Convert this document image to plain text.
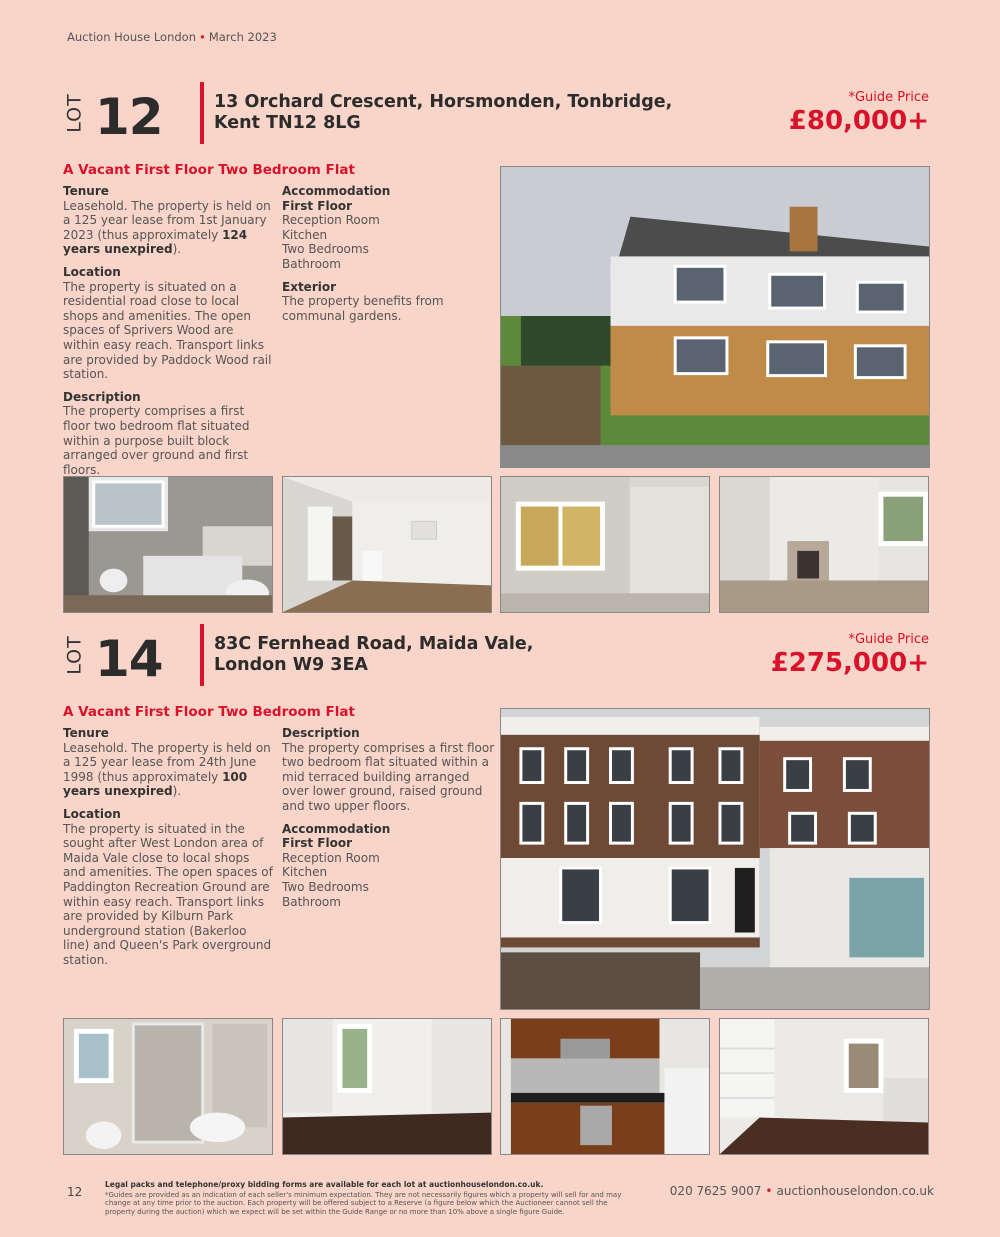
Auction House London • March 2023
LOT 12	13 Orchard Crescent, Horsmonden, Tonbridge,
Kent TN12 8LG
*Guide Price
£80,000+
A Vacant First Floor Two Bedroom Flat
Tenure

Leasehold. The property is held on a 125 year lease from 1st January 2023 (thus approximately 124 years unexpired).

Location

The property is situated on a residential road close to local shops and amenities. The open spaces of Sprivers Wood are within easy reach. Transport links are provided by Paddock Wood rail station.

Description

The property comprises a first floor two bedroom flat situated within a purpose built block arranged over ground and first floors.

Accommodation
First Floor
Reception Room
Kitchen
Two Bedrooms
Bathroom
Exterior

The property benefits from communal gardens.

LOT 14	83C Fernhead Road, Maida Vale,
London W9 3EA
*Guide Price
£275,000+
A Vacant First Floor Two Bedroom Flat
Tenure

Leasehold. The property is held on a 125 year lease from 24th June 1998 (thus approximately 100 years unexpired).

Location

The property is situated in the sought after West London area of Maida Vale close to local shops and amenities. The open spaces of Paddington Recreation Ground are within easy reach. Transport links are provided by Kilburn Park underground station (Bakerloo line) and Queen's Park overground station.

Description

The property comprises a first floor two bedroom flat situated within a mid terraced building arranged over lower ground, raised ground and two upper floors.

Accommodation
First Floor
Reception Room
Kitchen
Two Bedrooms
Bathroom
12
Legal packs and telephone/proxy bidding forms are available for each lot at auctionhouselondon.co.uk.
*Guides are provided as an indication of each seller's minimum expectation. They are not necessarily figures which a property will sell for and may change at any time prior to the auction. Each property will be offered subject to a Reserve (a figure below which the Auctioneer cannot sell the property during the auction) which we expect will be set within the Guide Range or no more than 10% above a single figure Guide.
020 7625 9007 • auctionhouselondon.co.uk
